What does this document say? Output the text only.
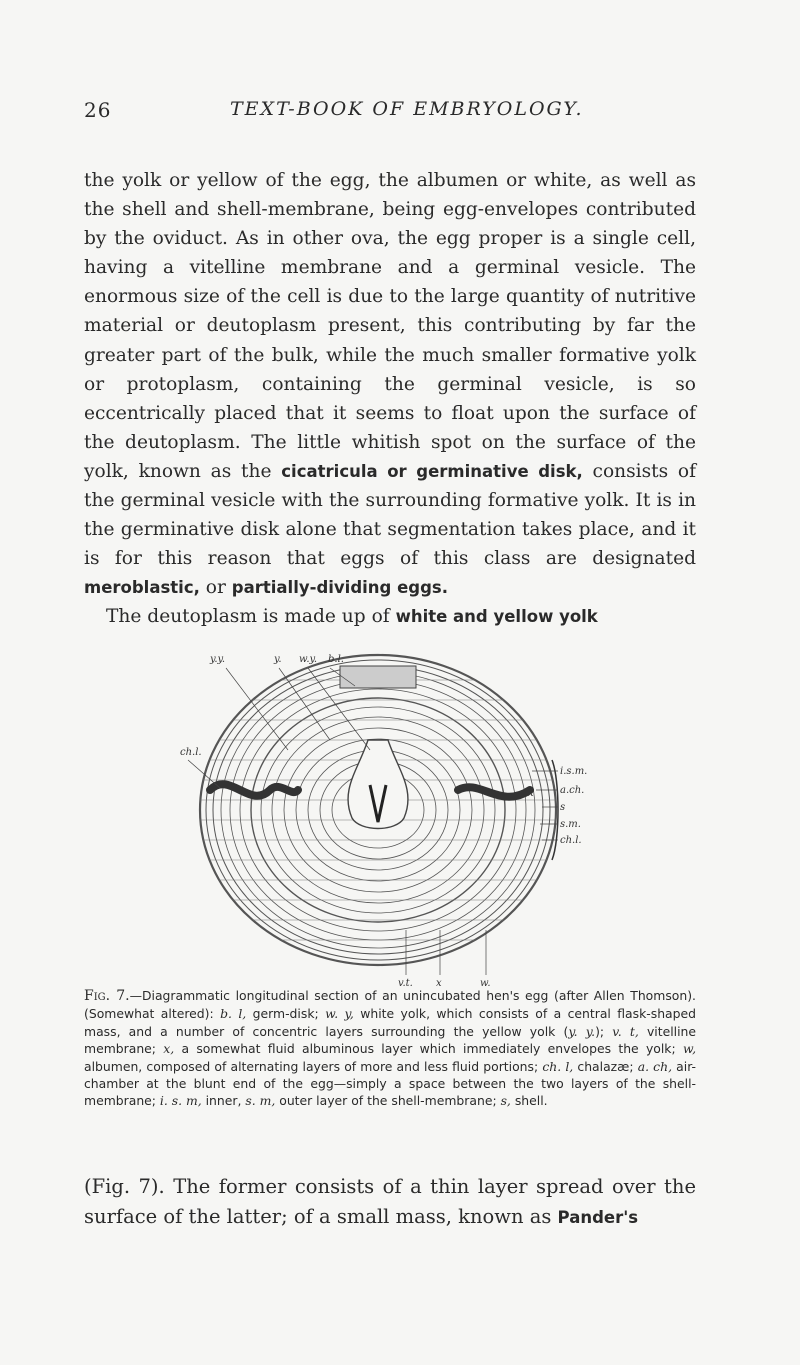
26	TEXT-BOOK OF EMBRYOLOGY.

the yolk or yellow of the egg, the albumen or white, as well as the shell and shell-membrane, being egg-envelopes contributed by the oviduct. As in other ova, the egg proper is a single cell, having a vitelline membrane and a germinal vesicle. The enormous size of the cell is due to the large quantity of nutritive material or deutoplasm present, this contributing by far the greater part of the bulk, while the much smaller formative yolk or protoplasm, containing the germinal vesicle, is so eccentrically placed that it seems to float upon the surface of the deutoplasm. The little whitish spot on the surface of the yolk, known as the cicatricula or germinative disk, consists of the germinal vesicle with the surrounding formative yolk. It is in the germinative disk alone that segmentation takes place, and it is for this reason that eggs of this class are designated meroblastic, or partially-dividing eggs.

The deutoplasm is made up of white and yellow yolk

y.y.	y. w.y. b.l.
ch.l.
i.s.m.
a.ch.
s
s.m.
ch.l.
x
v.t. x	w.
Fig. 7.—Diagrammatic longitudinal section of an unincubated hen's egg (after Allen Thomson). (Somewhat altered): b. l, germ-disk; w. y, white yolk, which consists of a central flask-shaped mass, and a number of concentric layers surrounding the yellow yolk (y. y.); v. t, vitelline membrane; x, a somewhat fluid albuminous layer which immediately envelopes the yolk; w, albumen, composed of alternating layers of more and less fluid portions; ch. l, chalazæ; a. ch, air-chamber at the blunt end of the egg—simply a space between the two layers of the shell-membrane; i. s. m, inner, s. m, outer layer of the shell-membrane; s, shell.

(Fig. 7). The former consists of a thin layer spread over the surface of the latter; of a small mass, known as Pander's
